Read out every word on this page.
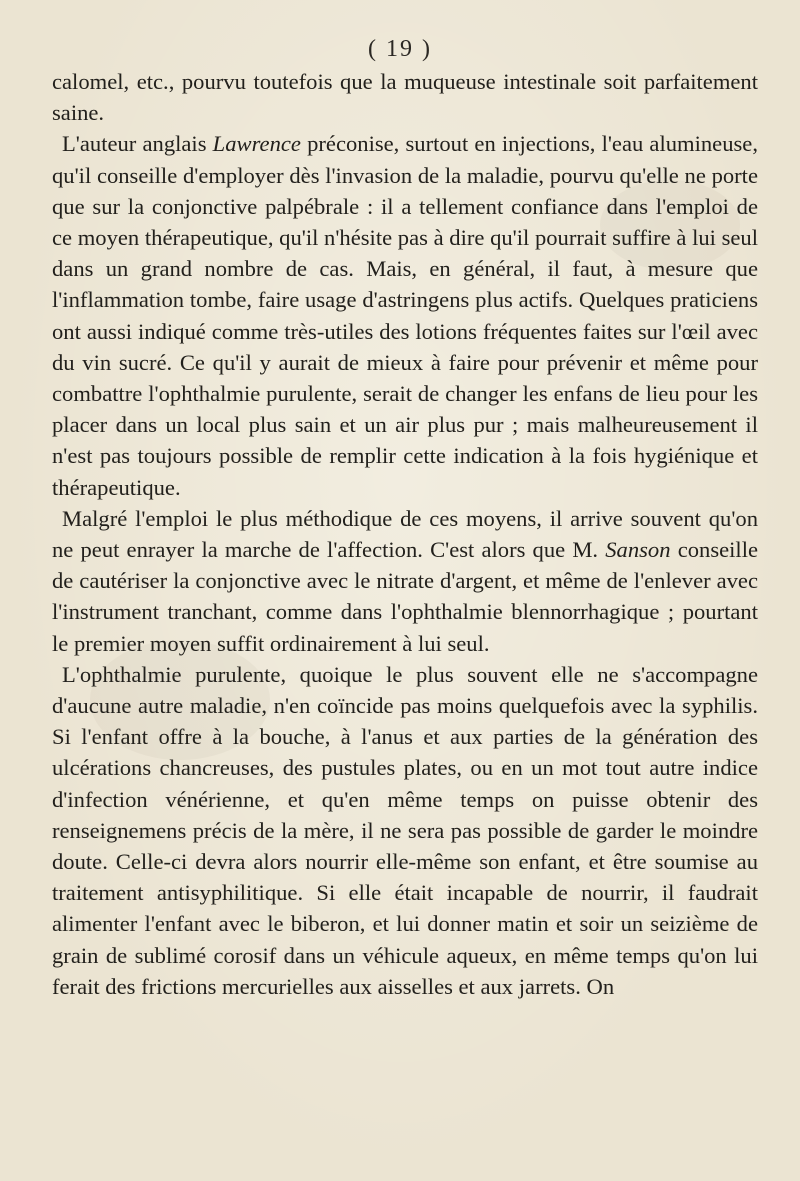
( 19 )

calomel, etc., pourvu toutefois que la muqueuse intestinale soit parfaitement saine.

L'auteur anglais Lawrence préconise, surtout en injections, l'eau alumineuse, qu'il conseille d'employer dès l'invasion de la maladie, pourvu qu'elle ne porte que sur la conjonctive palpébrale : il a tellement confiance dans l'emploi de ce moyen thérapeutique, qu'il n'hésite pas à dire qu'il pourrait suffire à lui seul dans un grand nombre de cas. Mais, en général, il faut, à mesure que l'inflammation tombe, faire usage d'astringens plus actifs. Quelques praticiens ont aussi indiqué comme très-utiles des lotions fréquentes faites sur l'œil avec du vin sucré. Ce qu'il y aurait de mieux à faire pour prévenir et même pour combattre l'ophthalmie purulente, serait de changer les enfans de lieu pour les placer dans un local plus sain et un air plus pur ; mais malheureusement il n'est pas toujours possible de remplir cette indication à la fois hygiénique et thérapeutique.

Malgré l'emploi le plus méthodique de ces moyens, il arrive souvent qu'on ne peut enrayer la marche de l'affection. C'est alors que M. Sanson conseille de cautériser la conjonctive avec le nitrate d'argent, et même de l'enlever avec l'instrument tranchant, comme dans l'ophthalmie blennorrhagique ; pourtant le premier moyen suffit ordinairement à lui seul.

L'ophthalmie purulente, quoique le plus souvent elle ne s'accompagne d'aucune autre maladie, n'en coïncide pas moins quelquefois avec la syphilis. Si l'enfant offre à la bouche, à l'anus et aux parties de la génération des ulcérations chancreuses, des pustules plates, ou en un mot tout autre indice d'infection vénérienne, et qu'en même temps on puisse obtenir des renseignemens précis de la mère, il ne sera pas possible de garder le moindre doute. Celle-ci devra alors nourrir elle-même son enfant, et être soumise au traitement antisyphilitique. Si elle était incapable de nourrir, il faudrait alimenter l'enfant avec le biberon, et lui donner matin et soir un seizième de grain de sublimé corosif dans un véhicule aqueux, en même temps qu'on lui ferait des frictions mercurielles aux aisselles et aux jarrets. On
